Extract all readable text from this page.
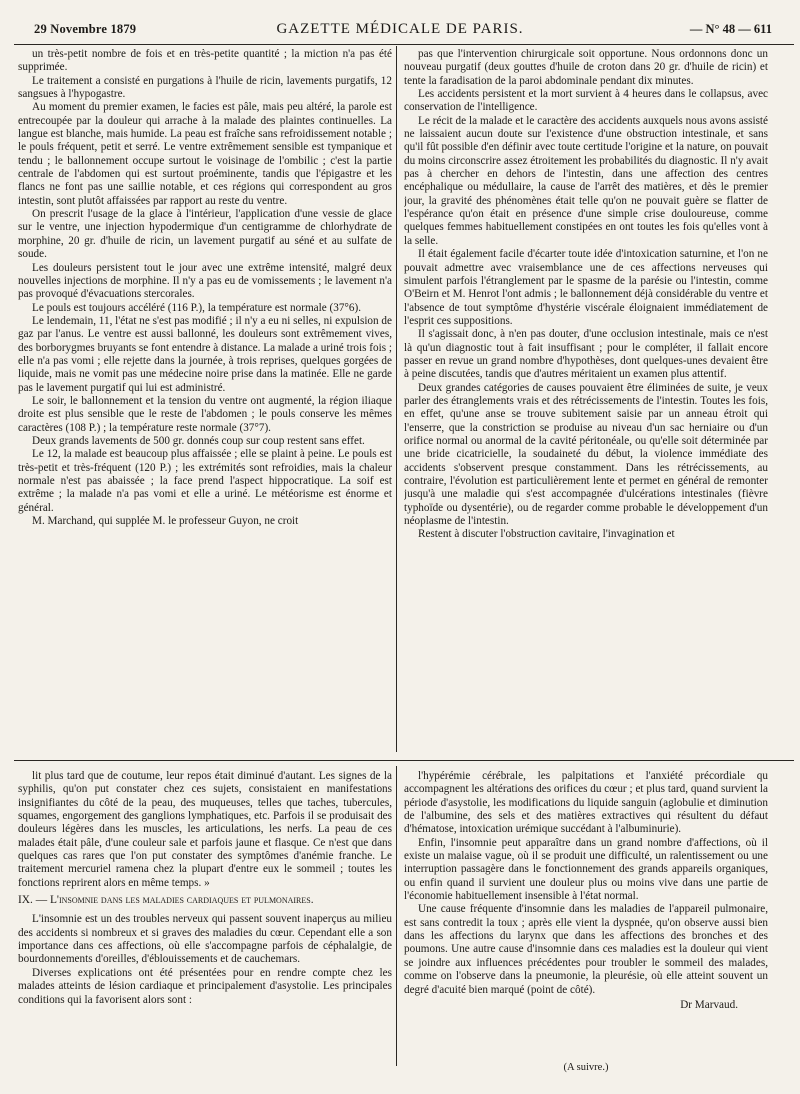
29 Novembre 1879	GAZETTE MÉDICALE DE PARIS.	— N° 48 — 611

un très-petit nombre de fois et en très-petite quantité ; la miction n'a pas été supprimée.

Le traitement a consisté en purgations à l'huile de ricin, lavements purgatifs, 12 sangsues à l'hypogastre.

Au moment du premier examen, le facies est pâle, mais peu altéré, la parole est entrecoupée par la douleur qui arrache à la malade des plaintes continuelles. La langue est blanche, mais humide. La peau est fraîche sans refroidissement notable ; le pouls fréquent, petit et serré. Le ventre extrêmement sensible est tympanique et tendu ; le ballonnement occupe surtout le voisinage de l'ombilic ; c'est la partie centrale de l'abdomen qui est surtout proéminente, tandis que l'épigastre et les flancs ne font pas une saillie notable, et ces régions qui correspondent au gros intestin, sont plutôt affaissées par rapport au reste du ventre.

On prescrit l'usage de la glace à l'intérieur, l'application d'une vessie de glace sur le ventre, une injection hypodermique d'un centigramme de chlorhydrate de morphine, 20 gr. d'huile de ricin, un lavement purgatif au séné et au sulfate de soude.

Les douleurs persistent tout le jour avec une extrême intensité, malgré deux nouvelles injections de morphine. Il n'y a pas eu de vomissements ; le lavement n'a pas provoqué d'évacuations stercorales.

Le pouls est toujours accéléré (116 P.), la température est normale (37°6).

Le lendemain, 11, l'état ne s'est pas modifié ; il n'y a eu ni selles, ni expulsion de gaz par l'anus. Le ventre est aussi ballonné, les douleurs sont extrêmement vives, des borborygmes bruyants se font entendre à distance. La malade a uriné trois fois ; elle n'a pas vomi ; elle rejette dans la journée, à trois reprises, quelques gorgées de liquide, mais ne vomit pas une médecine noire prise dans la matinée. Elle ne garde pas le lavement purgatif qui lui est administré.

Le soir, le ballonnement et la tension du ventre ont augmenté, la région iliaque droite est plus sensible que le reste de l'abdomen ; le pouls conserve les mêmes caractères (108 P.) ; la température reste normale (37°7).

Deux grands lavements de 500 gr. donnés coup sur coup restent sans effet.

Le 12, la malade est beaucoup plus affaissée ; elle se plaint à peine. Le pouls est très-petit et très-fréquent (120 P.) ; les extrémités sont refroidies, mais la chaleur normale n'est pas abaissée ; la face prend l'aspect hippocratique. La soif est extrême ; la malade n'a pas vomi et elle a uriné. Le météorisme est énorme et général.

M. Marchand, qui supplée M. le professeur Guyon, ne croit

pas que l'intervention chirurgicale soit opportune. Nous ordonnons donc un nouveau purgatif (deux gouttes d'huile de croton dans 20 gr. d'huile de ricin) et tente la faradisation de la paroi abdominale pendant dix minutes.

Les accidents persistent et la mort survient à 4 heures dans le collapsus, avec conservation de l'intelligence.

Le récit de la malade et le caractère des accidents auxquels nous avons assisté ne laissaient aucun doute sur l'existence d'une obstruction intestinale, et sans qu'il fût possible d'en définir avec toute certitude l'origine et la nature, on pouvait du moins circonscrire assez étroitement les probabilités du diagnostic. Il n'y avait pas à chercher en dehors de l'intestin, dans une affection des centres encéphalique ou médullaire, la cause de l'arrêt des matières, et dès le premier jour, la gravité des phénomènes était telle qu'on ne pouvait guère se flatter de l'espérance qu'on était en présence d'une simple crise douloureuse, comme quelques femmes habituellement constipées en ont toutes les fois qu'elles vont à la selle.

Il était également facile d'écarter toute idée d'intoxication saturnine, et l'on ne pouvait admettre avec vraisemblance une de ces affections nerveuses qui simulent parfois l'étranglement par le spasme de la parésie ou l'intestin, comme O'Beirn et M. Henrot l'ont admis ; le ballonnement déjà considérable du ventre et l'absence de tout symptôme d'hystérie viscérale éloignaient immédiatement de l'esprit ces suppositions.

Il s'agissait donc, à n'en pas douter, d'une occlusion intestinale, mais ce n'est là qu'un diagnostic tout à fait insuffisant ; pour le compléter, il fallait encore passer en revue un grand nombre d'hypothèses, dont quelques-unes devaient être à peine discutées, tandis que d'autres méritaient un examen plus attentif.

Deux grandes catégories de causes pouvaient être éliminées de suite, je veux parler des étranglements vrais et des rétrécissements de l'intestin. Toutes les fois, en effet, qu'une anse se trouve subitement saisie par un anneau étroit qui l'enserre, que la constriction se produise au niveau d'un sac herniaire ou d'un orifice normal ou anormal de la cavité péritonéale, ou qu'elle soit déterminée par une bride cicatricielle, la soudaineté du début, la violence immédiate des accidents s'observent presque constamment. Dans les rétrécissements, au contraire, l'évolution est particulièrement lente et permet en général de remonter jusqu'à une maladie qui s'est accompagnée d'ulcérations intestinales (fièvre typhoïde ou dysentérie), ou de regarder comme probable le développement d'un néoplasme de l'intestin.

Restent à discuter l'obstruction cavitaire, l'invagination et

lit plus tard que de coutume, leur repos était diminué d'autant. Les signes de la syphilis, qu'on put constater chez ces sujets, consistaient en manifestations insignifiantes du côté de la peau, des muqueuses, telles que taches, tubercules, squames, engorgement des ganglions lymphatiques, etc. Parfois il se produisait des douleurs légères dans les muscles, les articulations, les nerfs. La peau de ces malades était pâle, d'une couleur sale et parfois jaune et flasque. Ce n'est que dans quelques cas rares que l'on put constater des symptômes d'anémie franche. Le traitement mercuriel ramena chez la plupart d'entre eux le sommeil ; toutes les fonctions reprirent alors en même temps. »

IX. — L'insomnie dans les maladies cardiaques et pulmonaires.

L'insomnie est un des troubles nerveux qui passent souvent inaperçus au milieu des accidents si nombreux et si graves des maladies du cœur. Cependant elle a son importance dans ces affections, où elle s'accompagne parfois de céphalalgie, de bourdonnements d'oreilles, d'éblouissements et de cauchemars.

Diverses explications ont été présentées pour en rendre compte chez les malades atteints de lésion cardiaque et principalement d'asystolie. Les principales conditions qui la favorisent alors sont :

l'hypérémie cérébrale, les palpitations et l'anxiété précordiale qu accompagnent les altérations des orifices du cœur ; et plus tard, quand survient la période d'asystolie, les modifications du liquide sanguin (aglobulie et diminution de l'albumine, des sels et des matières extractives qui résultent du défaut d'hématose, intoxication urémique succédant à l'albuminurie).

Enfin, l'insomnie peut apparaître dans un grand nombre d'affections, où il existe un malaise vague, où il se produit une difficulté, un ralentissement ou une interruption passagère dans le fonctionnement des grands appareils organiques, ou enfin quand il survient une douleur plus ou moins vive dans une partie de l'économie habituellement insensible à l'état normal.

Une cause fréquente d'insomnie dans les maladies de l'appareil pulmonaire, est sans contredit la toux ; après elle vient la dyspnée, qu'on observe aussi bien dans les affections du larynx que dans les affections des bronches et des poumons. Une autre cause d'insomnie dans ces maladies est la douleur qui vient se joindre aux influences précédentes pour troubler le sommeil des malades, comme on l'observe dans la pneumonie, la pleurésie, où elle atteint souvent un degré d'acuité bien marqué (point de côté).

Dr Marvaud.

(A suivre.)
